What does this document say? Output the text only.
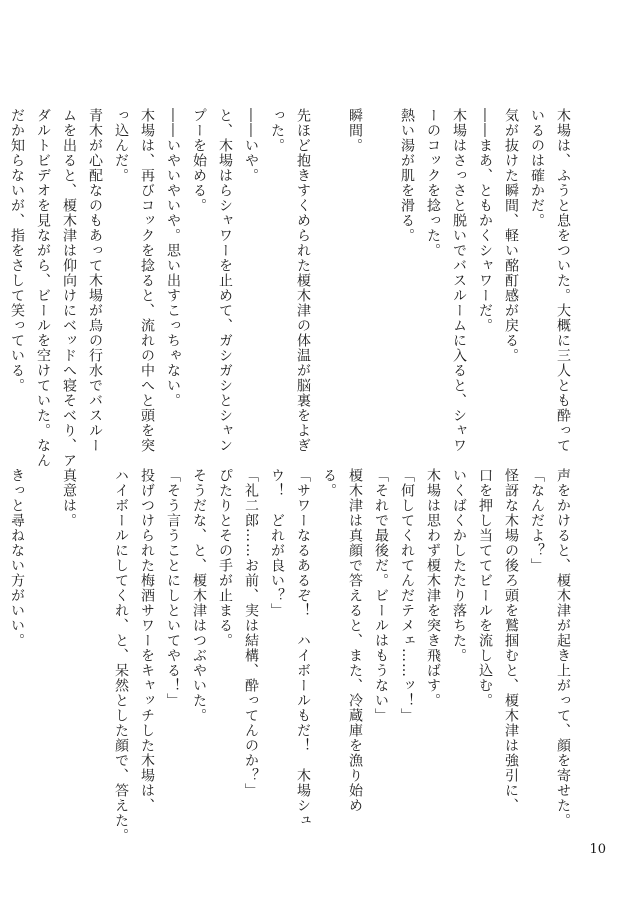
木場は、ふうと息をついた。大概に三人とも酔って
いるのは確かだ。
気が抜けた瞬間、軽い酩酊感が戻る。
――まあ、ともかくシャワーだ。
木場はさっさと脱いでバスルームに入ると、シャワ
ーのコックを捻った。
熱い湯が肌を滑る。
瞬間。
先ほど抱きすくめられた榎木津の体温が脳裏をよぎ
った。
――いや。
と、木場はらシャワーを止めて、ガシガシとシャン
プーを始める。
――いやいやいや。思い出すこっちゃない。
木場は、再びコックを捻ると、流れの中へと頭を突
っ込んだ。
青木が心配なのもあって木場が烏の行水でバスルー
ムを出ると、榎木津は仰向けにベッドへ寝そべり、ア
ダルトビデオを見ながら、ビールを空けていた。なん
だか知らないが、指をさして笑っている。
声をかけると、榎木津が起き上がって、顔を寄せた。
「なんだよ？」
怪訝な木場の後ろ頭を鷲掴むと、榎木津は強引に、
口を押し当ててビールを流し込む。
いくばくかしたたり落ちた。
木場は思わず榎木津を突き飛ばす。
「何してくれてんだテメェ……ッ！」
「それで最後だ。ビールはもうない」
榎木津は真顔で答えると、また、冷蔵庫を漁り始め
る。
「サワーなるあるぞ！　ハイボールもだ！　木場シュ
ウ！　どれが良い？」
「礼二郎……お前、実は結構、酔ってんのか？」
ぴたりとその手が止まる。
そうだな、と、榎木津はつぶやいた。
「そう言うことにしといてやる！」
投げつけられた梅酒サワーをキャッチした木場は、
ハイボールにしてくれ、と、呆然とした顔で、答えた。
真意は。
きっと尋ねない方がいい。
10
